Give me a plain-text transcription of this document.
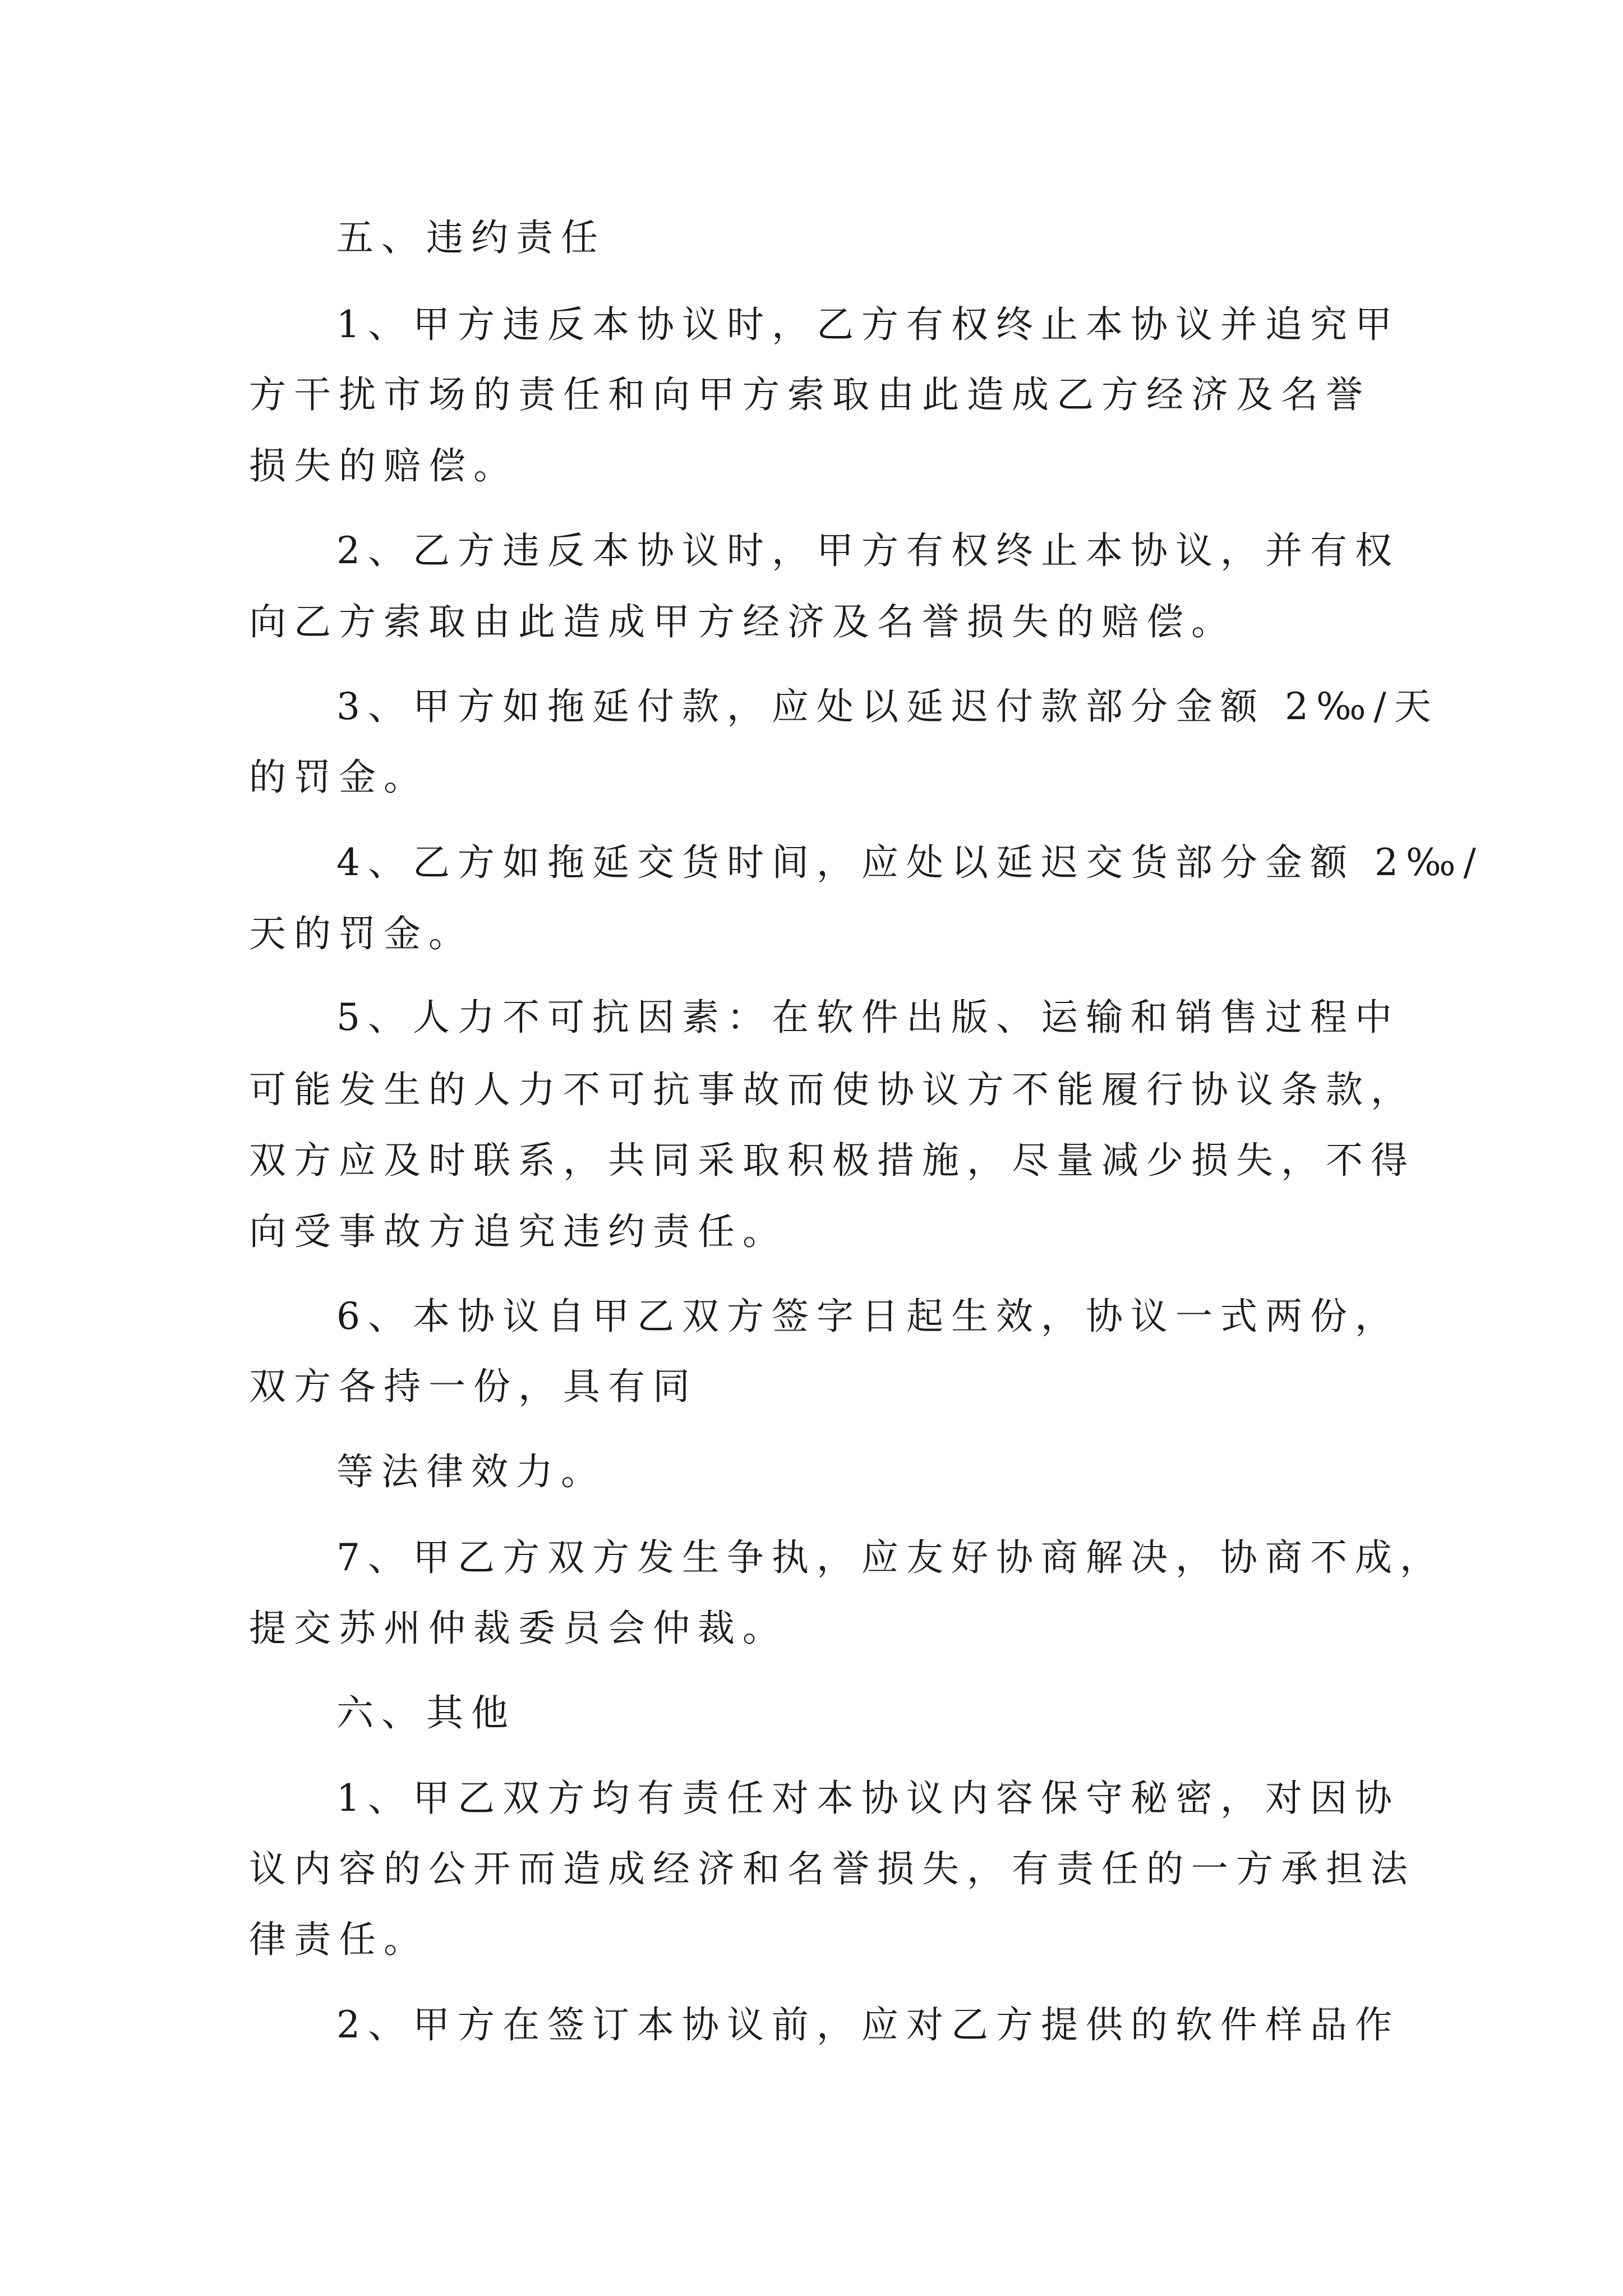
五、违约责任

1、甲方违反本协议时，乙方有权终止本协议并追究甲

方干扰市场的责任和向甲方索取由此造成乙方经济及名誉

损失的赔偿。

2、乙方违反本协议时，甲方有权终止本协议，并有权

向乙方索取由此造成甲方经济及名誉损失的赔偿。

3、甲方如拖延付款，应处以延迟付款部分金额 2‰/天

的罚金。

4、乙方如拖延交货时间，应处以延迟交货部分金额 2‰/

天的罚金。

5、人力不可抗因素：在软件出版、运输和销售过程中

可能发生的人力不可抗事故而使协议方不能履行协议条款，

双方应及时联系，共同采取积极措施，尽量减少损失，不得

向受事故方追究违约责任。

6、本协议自甲乙双方签字日起生效，协议一式两份，

双方各持一份，具有同

等法律效力。

7、甲乙方双方发生争执，应友好协商解决，协商不成，

提交苏州仲裁委员会仲裁。

六、其他

1、甲乙双方均有责任对本协议内容保守秘密，对因协

议内容的公开而造成经济和名誉损失，有责任的一方承担法

律责任。

2、甲方在签订本协议前，应对乙方提供的软件样品作
